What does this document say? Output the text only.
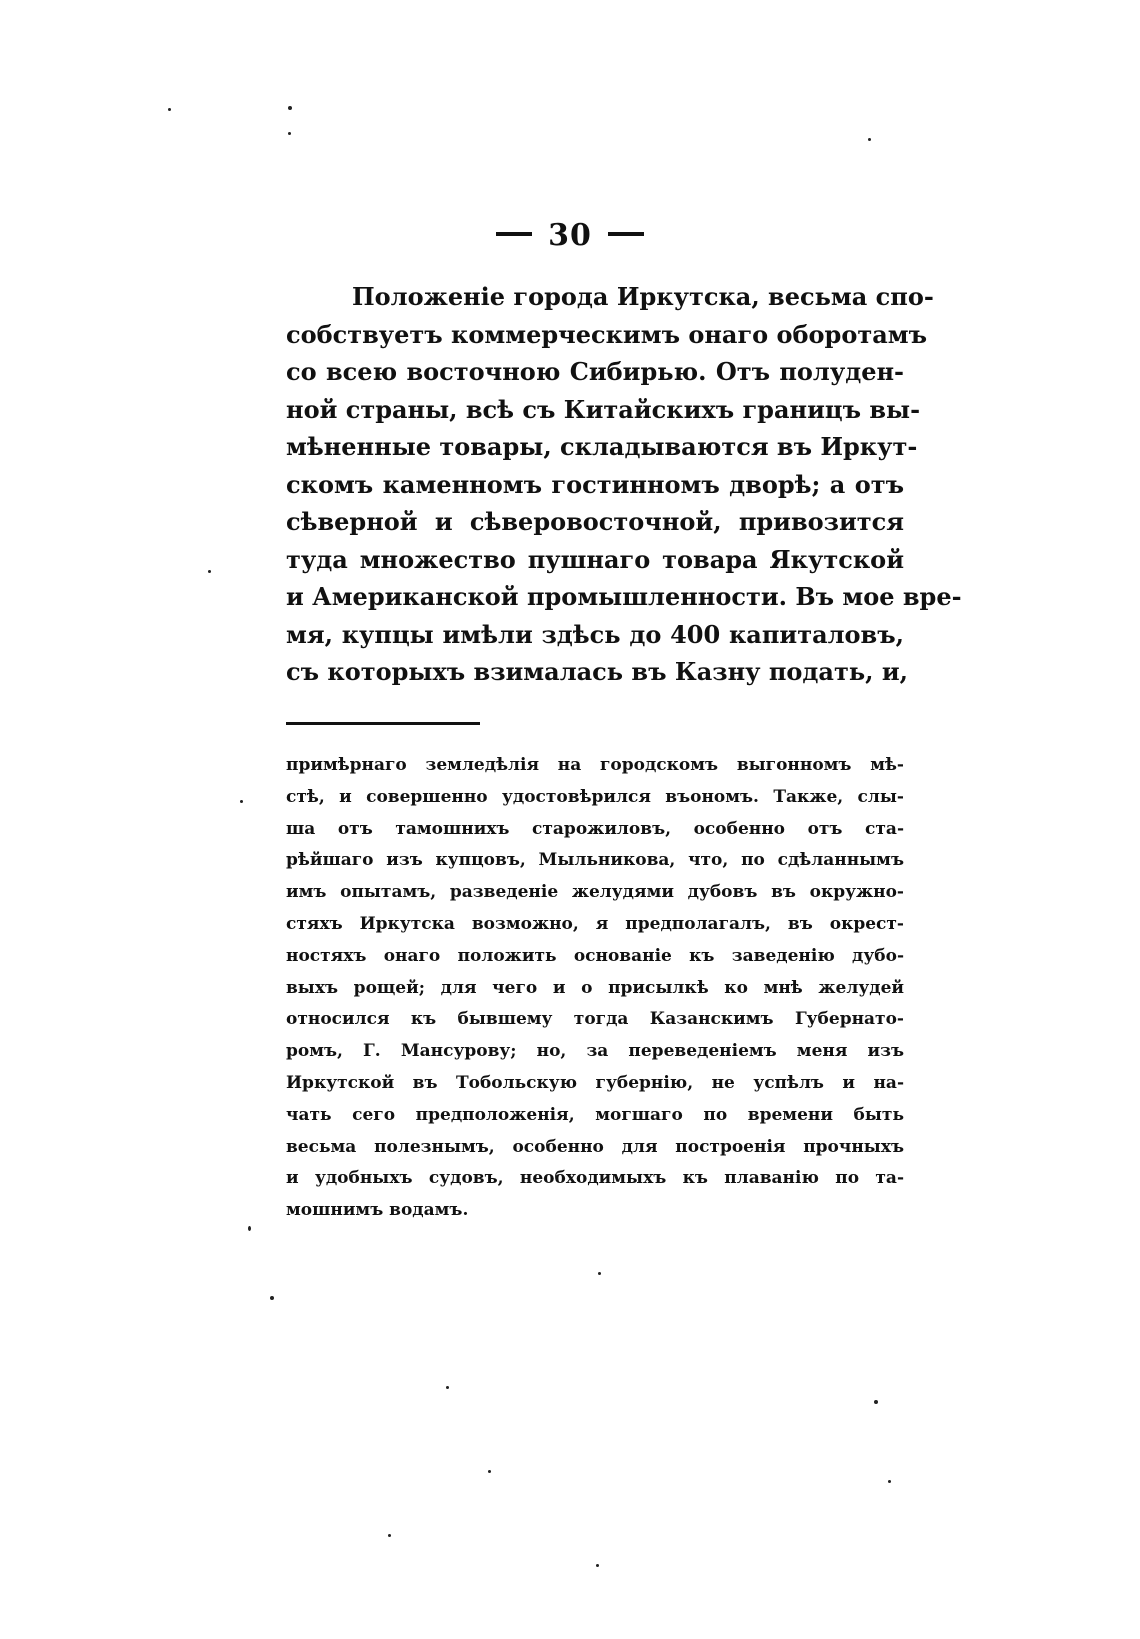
30
Положенiе города Иркутска, весьма спо-
собствуетъ коммерческимъ онаго оборотамъ
со всею восточною Сибирью. Отъ полуден-
ной страны, всѣ съ Китайскихъ границъ вы-
мѣненные товары, складываются въ Иркут-
скомъ каменномъ гостинномъ дворѣ; а отъ
сѣверной и сѣверовосточной, привозится
туда множество пушнаго товара Якутской
и Американской промышленности. Въ мое вре-
мя, купцы имѣли здѣсь до 400 капиталовъ,
съ которыхъ взималась въ Казну подать, и,
примѣрнаго земледѣлiя на городскомъ выгонномъ мѣ-
стѣ, и совершенно удостовѣрился въономъ. Также, слы-
ша отъ тамошнихъ старожиловъ, особенно отъ ста-
рѣйшаго изъ купцовъ, Мыльникова, что, по сдѣланнымъ
имъ опытамъ, разведенiе желудями дубовъ въ окружно-
стяхъ Иркутска возможно, я предполагалъ, въ окрест-
ностяхъ онаго положить основанiе къ заведенiю дубо-
выхъ рощей; для чего и о присылкѣ ко мнѣ желудей
относился къ бывшему тогда Казанскимъ Губернато-
ромъ, Г. Мансурову; но, за переведенiемъ меня изъ
Иркутской въ Тобольскую губернiю, не успѣлъ и на-
чать сего предположенiя, могшаго по времени быть
весьма полезнымъ, особенно для построенiя прочныхъ
и удобныхъ судовъ, необходимыхъ къ плаванiю по та-
мошнимъ водамъ.
